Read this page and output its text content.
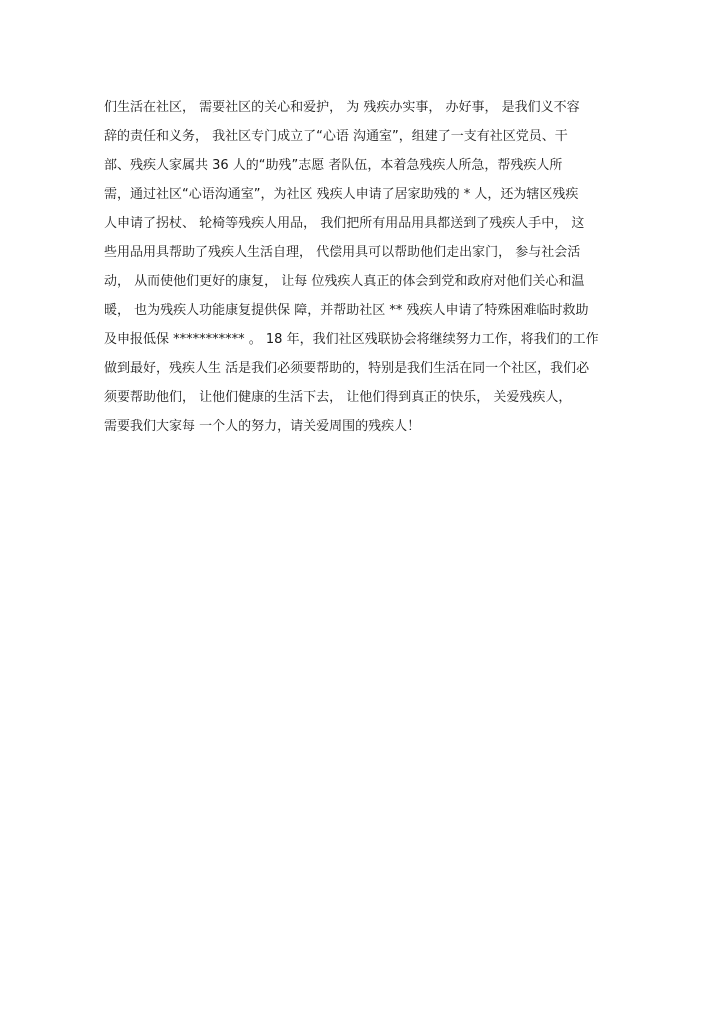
们生活在社区， 需要社区的关心和爱护， 为 残疾办实事， 办好事， 是我们义不容
辞的责任和义务， 我社区专门成立了“心语 沟通室”，组建了一支有社区党员、干
部、残疾人家属共 36 人的“助残”志愿 者队伍，本着急残疾人所急，帮残疾人所
需，通过社区“心语沟通室”，为社区 残疾人申请了居家助残的 * 人，还为辖区残疾
人申请了拐杖、 轮椅等残疾人用品， 我们把所有用品用具都送到了残疾人手中， 这
些用品用具帮助了残疾人生活自理， 代偿用具可以帮助他们走出家门， 参与社会活
动， 从而使他们更好的康复， 让每 位残疾人真正的体会到党和政府对他们关心和温
暖， 也为残疾人功能康复提供保 障，并帮助社区 ** 残疾人申请了特殊困难临时救助
及申报低保 *********** 。 18 年，我们社区残联协会将继续努力工作，将我们的工作
做到最好，残疾人生 活是我们必须要帮助的，特别是我们生活在同一个社区，我们必
须要帮助他们， 让他们健康的生活下去， 让他们得到真正的快乐， 关爱残疾人，
需要我们大家每 一个人的努力，请关爱周围的残疾人！
